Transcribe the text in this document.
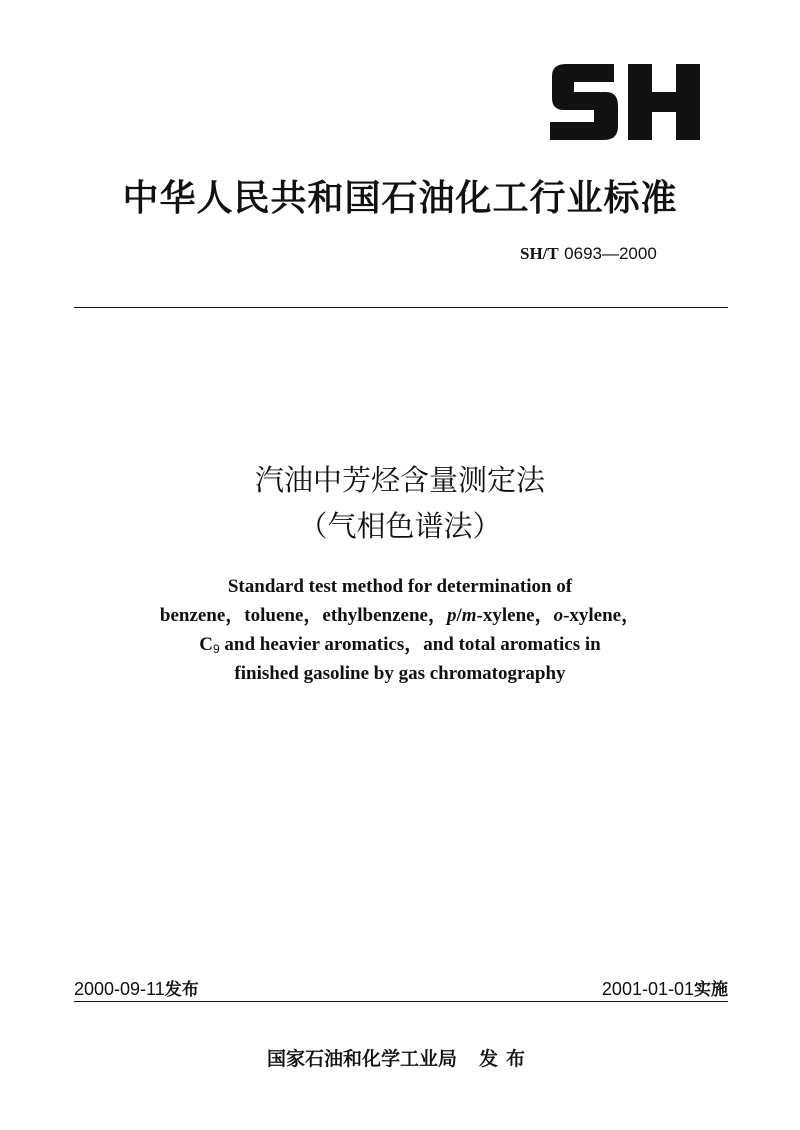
中华人民共和国石油化工行业标准
SH/T 0693—2000
汽油中芳烃含量测定法
（气相色谱法）
Standard test method for determination of
benzene，toluene，ethylbenzene，p/m-xylene，o-xylene，
$C_9$ and heavier aromatics，and total aromatics in
finished gasoline by gas chromatography
2000-09-11发布	2001-01-01实施
国家石油和化学工业局 发布
